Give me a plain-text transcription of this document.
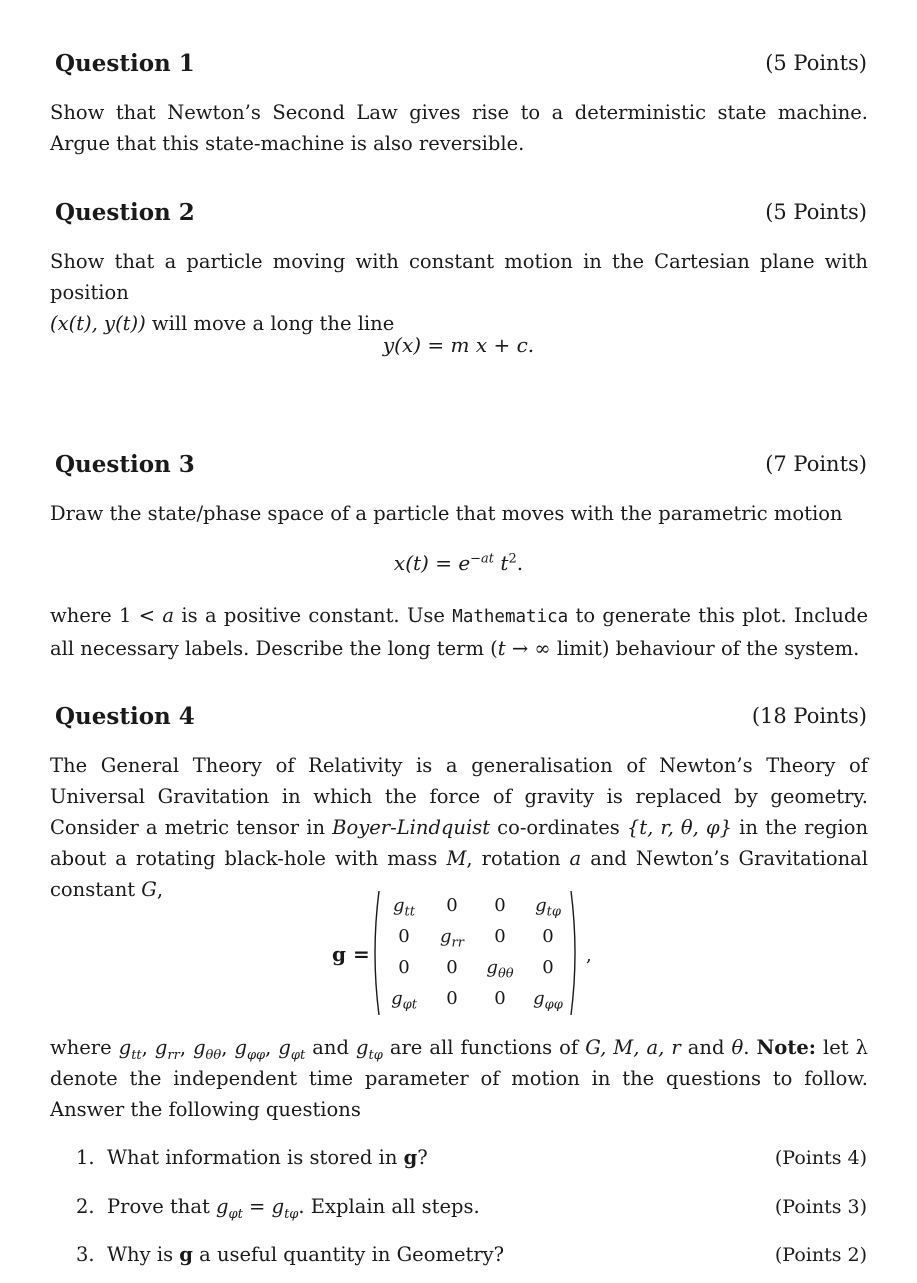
Question 1	(5 Points)
Show that Newton’s Second Law gives rise to a deterministic state machine. Argue that this state-machine is also reversible.
Question 2	(5 Points)
Show that a particle moving with constant motion in the Cartesian plane with position
(x(t), y(t)) will move a long the line
y(x) = m x + c.
Question 3	(7 Points)
Draw the state/phase space of a particle that moves with the parametric motion
$x(t) = e^{-at}$ $t^2$.
where 1 < a is a positive constant. Use Mathematica to generate this plot. Include all necessary labels. Describe the long term (t → ∞ limit) behaviour of the system.
Question 4	(18 Points)
The General Theory of Relativity is a generalisation of Newton’s Theory of Universal Gravitation in which the force of gravity is replaced by geometry. Consider a metric tensor in Boyer-Lindquist co-ordinates {t, r, θ, φ} in the region about a rotating black-hole with mass M, rotation a and Newton’s Gravitational constant G,
g =
$g_{tt}$	0	0	$g_{t\varphi}$
0	$g_{rr}$	0	0
0	0	$g_{\theta\theta}$	0
$g_{\varphi t}$	0	0	$g_{\varphi\varphi}$
,
where $g_{tt}$, $g_{rr}$, $g_{\theta\theta}$, $g_{\varphi\varphi}$, $g_{\varphi t}$ and $g_{t\varphi}$ are all functions of G, M, a, r and θ. Note: let λ denote the independent time parameter of motion in the questions to follow. Answer the following questions
1. What information is stored in g?	(Points 4)
2. Prove that $g_{\varphi t} = g_{t\varphi}$. Explain all steps.	(Points 3)
3. Why is g a useful quantity in Geometry?	(Points 2)
